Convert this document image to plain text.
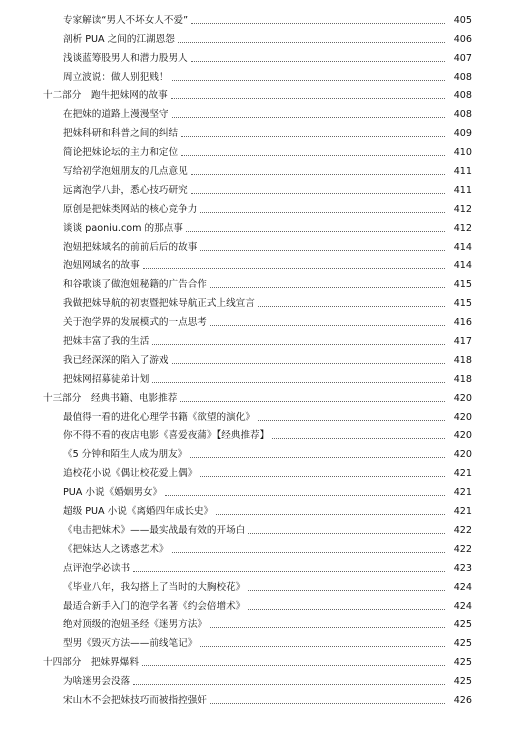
专家解读“男人不坏女人不爱”	405
剖析 PUA 之间的江湖恩怨	406
浅谈蓝筹股男人和潜力股男人	407
周立波说：做人别犯贱！	408
十二部分　跑牛把妹网的故事	408
在把妹的道路上漫漫坚守	408
把妹科研和科普之间的纠结	409
简论把妹论坛的主力和定位	410
写给初学泡妞朋友的几点意见	411
远离泡学八卦，悉心技巧研究	411
原创是把妹类网站的核心竞争力	412
谈谈 paoniu.com 的那点事	412
泡妞把妹域名的前前后后的故事	414
泡妞网域名的故事	414
和谷歌谈了做泡妞秘籍的广告合作	415
我做把妹导航的初衷暨把妹导航正式上线宣言	415
关于泡学界的发展模式的一点思考	416
把妹丰富了我的生活	417
我已经深深的陷入了游戏	418
把妹网招募徒弟计划	418
十三部分　经典书籍、电影推荐	420
最值得一看的进化心理学书籍《欲望的演化》	420
你不得不看的夜店电影《喜爱夜蒲》【经典推荐】	420
《5 分钟和陌生人成为朋友》	420
追校花小说《偶让校花爱上偶》	421
PUA 小说《婚姻男女》	421
超级 PUA 小说《离婚四年成长史》	421
《电击把妹术》——最实战最有效的开场白	422
《把妹达人之诱惑艺术》	422
点评泡学必读书	423
《毕业八年，我勾搭上了当时的大胸校花》	424
最适合新手入门的泡学名著《约会倍增术》	424
绝对顶级的泡妞圣经《迷男方法》	425
型男《毁灭方法——前线笔记》	425
十四部分　把妹界爆料	425
为啥迷男会没落	425
宋山木不会把妹技巧而被指控强奸	426
